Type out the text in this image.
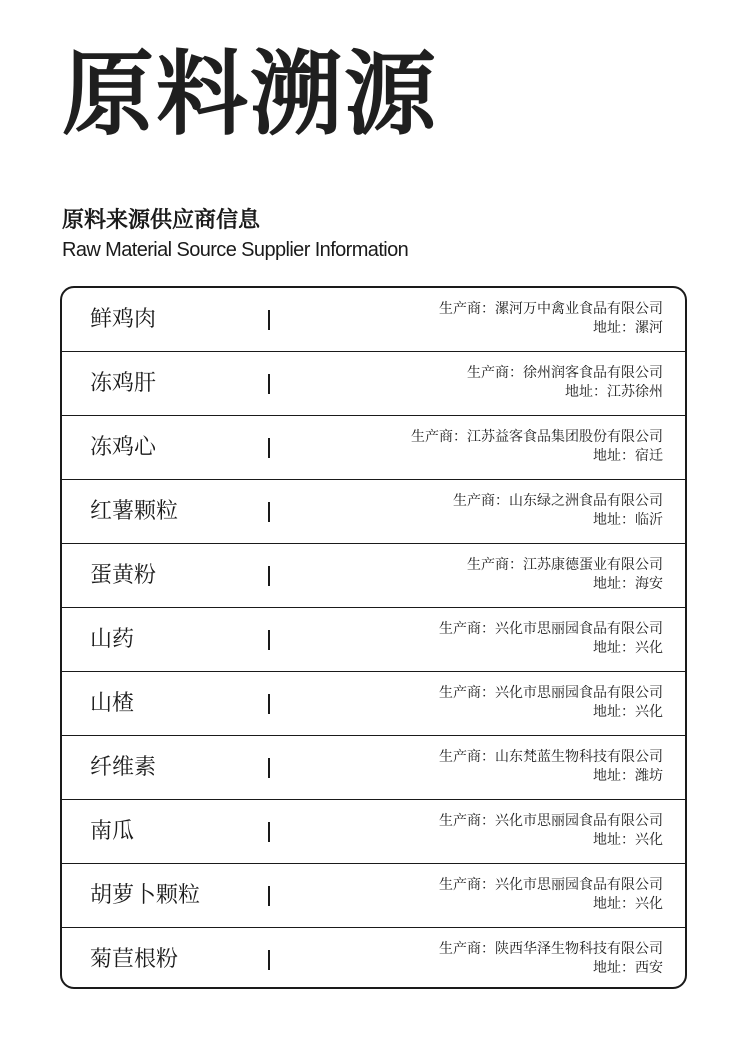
原料溯源
原料来源供应商信息

Raw Material Source Supplier Information

鲜鸡肉	生产商：漯河万中禽业食品有限公司
地址：漯河
冻鸡肝	生产商：徐州润客食品有限公司
地址：江苏徐州
冻鸡心	生产商：江苏益客食品集团股份有限公司
地址：宿迁
红薯颗粒	生产商：山东绿之洲食品有限公司
地址：临沂
蛋黄粉	生产商：江苏康德蛋业有限公司
地址：海安
山药	生产商：兴化市思丽园食品有限公司
地址：兴化
山楂	生产商：兴化市思丽园食品有限公司
地址：兴化
纤维素	生产商：山东梵蓝生物科技有限公司
地址：潍坊
南瓜	生产商：兴化市思丽园食品有限公司
地址：兴化
胡萝卜颗粒	生产商：兴化市思丽园食品有限公司
地址：兴化
菊苣根粉	生产商：陕西华泽生物科技有限公司
地址：西安
